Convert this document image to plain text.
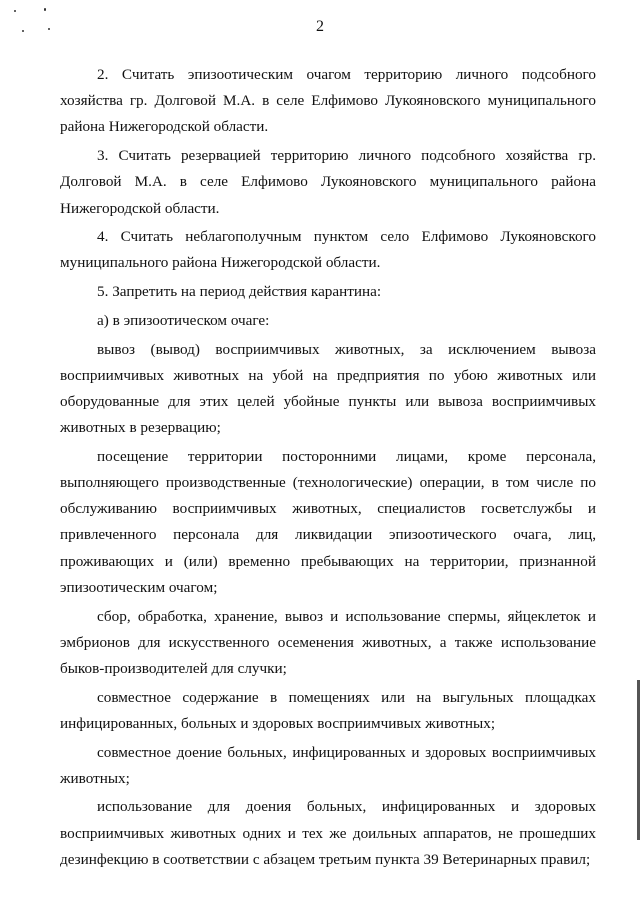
2

2. Считать эпизоотическим очагом территорию личного подсобного хозяйства гр. Долговой М.А. в селе Елфимово Лукояновского муниципального района Нижегородской области.

3. Считать резервацией территорию личного подсобного хозяйства гр. Долговой М.А. в селе Елфимово Лукояновского муниципального района Нижегородской области.

4. Считать неблагополучным пунктом село Елфимово Лукояновского муниципального района Нижегородской области.

5. Запретить на период действия карантина:

а) в эпизоотическом очаге:

вывоз (вывод) восприимчивых животных, за исключением вывоза восприимчивых животных на убой на предприятия по убою животных или оборудованные для этих целей убойные пункты или вывоза восприимчивых животных в резервацию;

посещение территории посторонними лицами, кроме персонала, выполняющего производственные (технологические) операции, в том числе по обслуживанию восприимчивых животных, специалистов госветслужбы и привлеченного персонала для ликвидации эпизоотического очага, лиц, проживающих и (или) временно пребывающих на территории, признанной эпизоотическим очагом;

сбор, обработка, хранение, вывоз и использование спермы, яйцеклеток и эмбрионов для искусственного осеменения животных, а также использование быков-производителей для случки;

совместное содержание в помещениях или на выгульных площадках инфицированных, больных и здоровых восприимчивых животных;

совместное доение больных, инфицированных и здоровых восприимчивых животных;

использование для доения больных, инфицированных и здоровых восприимчивых животных одних и тех же доильных аппаратов, не прошедших дезинфекцию в соответствии с абзацем третьим пункта 39 Ветеринарных правил;
